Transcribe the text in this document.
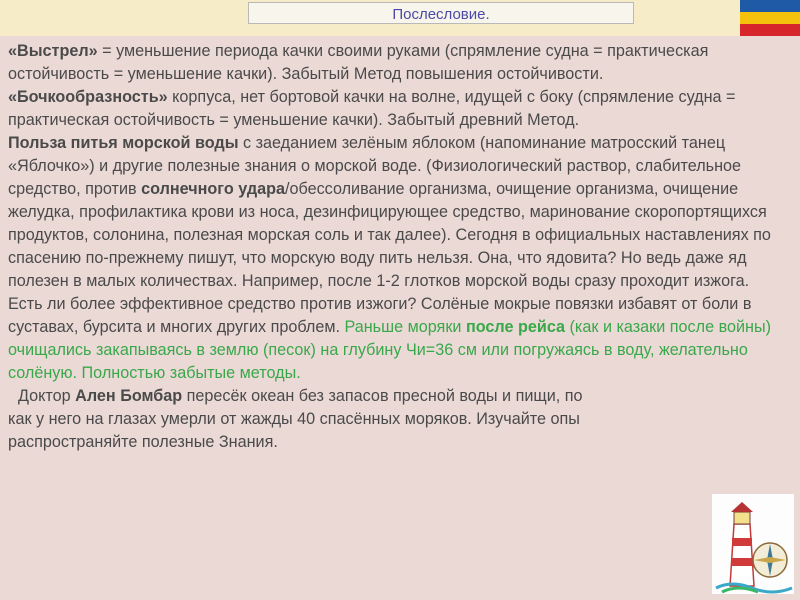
Послесловие.

«Выстрел» = уменьшение периода качки своими руками (спрямление судна = практическая остойчивость = уменьшение качки). Забытый Метод повышения остойчивости.

«Бочкообразность» корпуса, нет бортовой качки на волне, идущей с боку (спрямление судна = практическая остойчивость = уменьшение качки). Забытый древний Метод.

Польза питья морской воды с заеданием зелёным яблоком (напоминание матросский танец «Яблочко») и другие полезные знания о морской воде. (Физиологический раствор, слабительное средство, против солнечного удара/обессоливание организма, очищение организма, очищение желудка, профилактика крови из носа, дезинфицирующее средство, маринование скоропортящихся продуктов, солонина, полезная морская соль и так далее). Сегодня в официальных наставлениях по спасению по-прежнему пишут, что морскую воду пить нельзя. Она, что ядовита? Но ведь даже яд полезен в малых количествах. Например, после 1-2 глотков морской воды сразу проходит изжога. Есть ли более эффективное средство против изжоги? Солёные мокрые повязки избавят от боли в суставах, бурсита и многих других проблем. Раньше моряки после рейса (как и казаки после войны) очищались закапываясь в землю (песок) на глубину Чи=36 см или погружаясь в воду, желательно солёную. Полностью забытые методы.

Доктор Ален Бомбар пересёк океан без запасов пресной воды и пищи, по

как у него на глазах умерли от жажды 40 спасённых моряков. Изучайте опы

распространяйте полезные Знания.
